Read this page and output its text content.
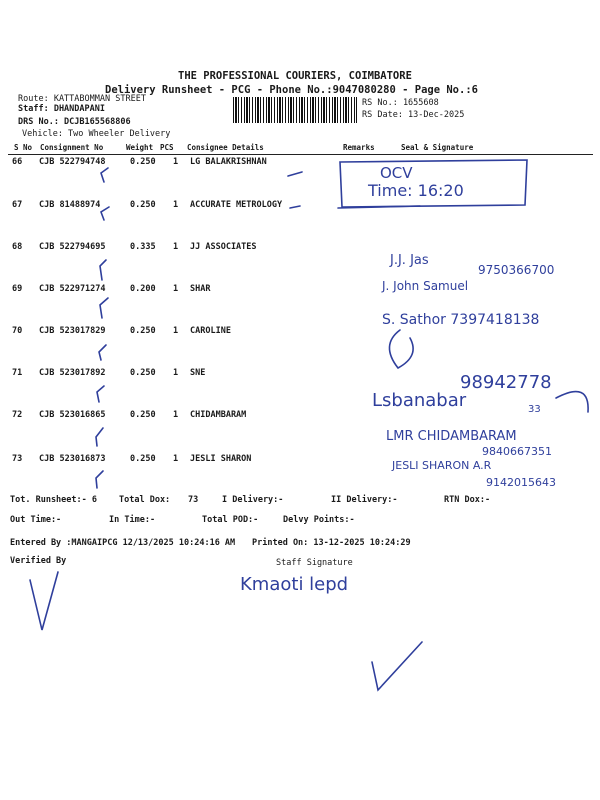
THE PROFESSIONAL COURIERS, COIMBATORE
Delivery Runsheet - PCG - Phone No.:9047080280 - Page No.:6
Route: KATTABOMMAN STREET
Staff: DHANDAPANI
DRS No.: DCJB165568806
Vehicle: Two Wheeler Delivery
RS No.: 1655608
RS Date: 13-Dec-2025
S No Consignment No	Weight PCS Consignee Details	Remarks	Seal & Signature
66 CJB 522794748	0.250 1 LG BALAKRISHNAN
67 CJB 81488974	0.250 1 ACCURATE METROLOGY
68 CJB 522794695	0.335 1 JJ ASSOCIATES
69 CJB 522971274	0.200 1 SHAR
70 CJB 523017829	0.250 1 CAROLINE
71 CJB 523017892	0.250 1 SNE
72 CJB 523016865	0.250 1 CHIDAMBARAM
73 CJB 523016873	0.250 1 JESLI SHARON
Tot. Runsheet:- 6	Total Dox: 73	I Delivery:-	II Delivery:-	RTN Dox:-
Out Time:-	In Time:-	Total POD:-	Delvy Points:-
Entered By :MANGAIPCG 12/13/2025 10:24:16 AM Printed On: 13-12-2025 10:24:29
Verified By	Staff Signature
OCV
Time: 16:20
J.J. Jas
9750366700
J. John Samuel
S. Sathor 7397418138
98942778
Lsbanabar	33
LMR CHIDAMBARAM
9840667351
JESLI SHARON A.R
9142015643
Kmaoti lepd
